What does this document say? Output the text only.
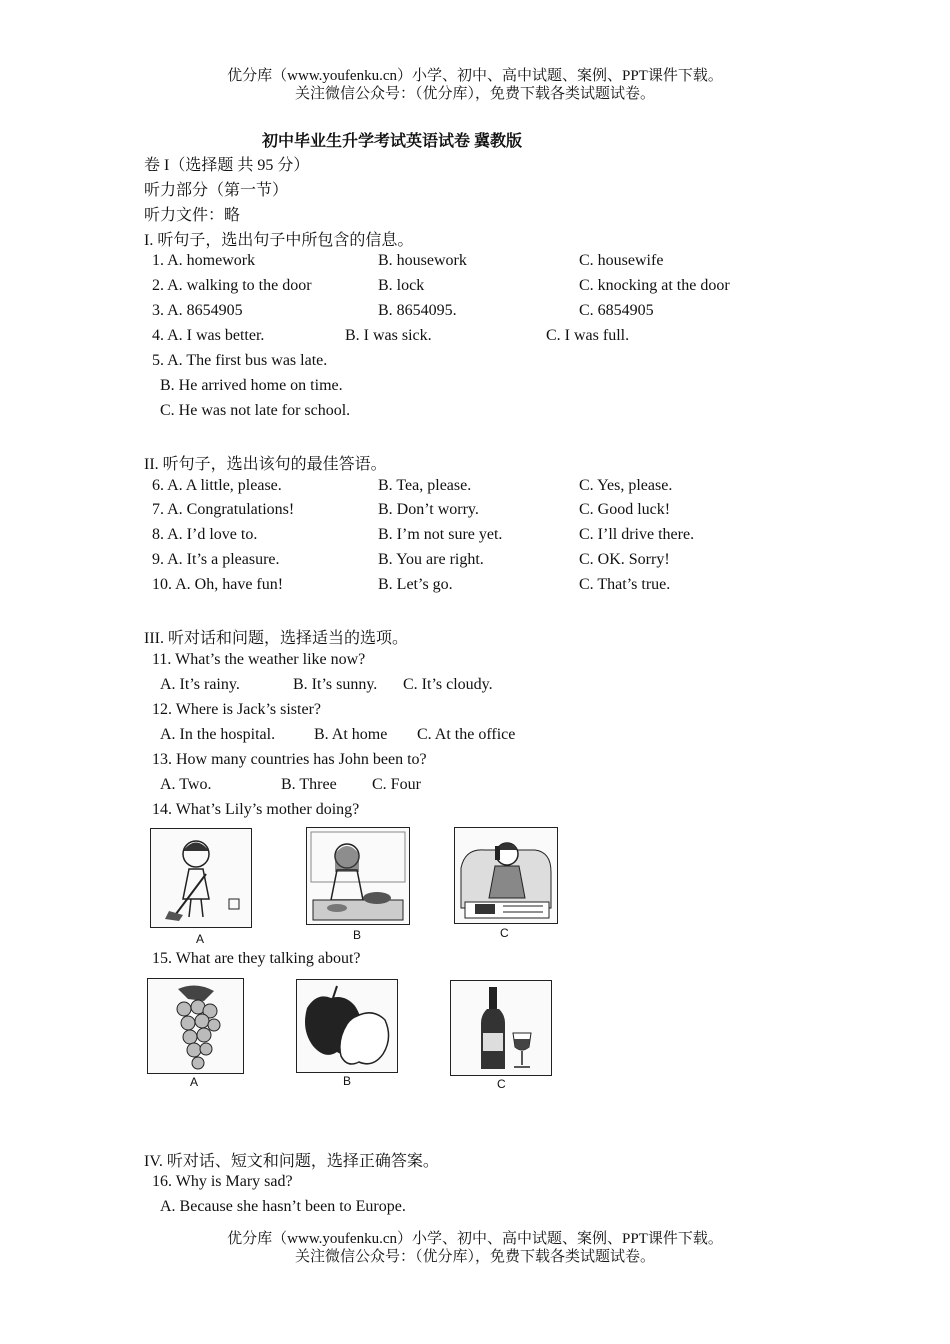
优分库（www.youfenku.cn）小学、初中、高中试题、案例、PPT课件下载。
关注微信公众号：（优分库），免费下载各类试题试卷。
初中毕业生升学考试英语试卷 冀教版
卷 I（选择题 共 95 分）
听力部分（第一节）
听力文件：略
I. 听句子，选出句子中所包含的信息。
1. A. homework	B. housework	C. housewife
2. A. walking to the door	B. lock	C. knocking at the door
3. A. 8654905	B. 8654095.	C. 6854905
4. A. I was better.	B. I was sick.	C. I was full.
5. A. The first bus was late.
B. He arrived home on time.
C. He was not late for school.
II. 听句子，选出该句的最佳答语。
6. A. A little, please.	B. Tea, please.	C. Yes, please.
7. A. Congratulations!	B. Don’t worry.	C. Good luck!
8. A. I’d love to.	B. I’m not sure yet.	C. I’ll drive there.
9. A. It’s a pleasure.	B. You are right.	C. OK. Sorry!
10. A. Oh, have fun!	B. Let’s go.	C. That’s true.
III. 听对话和问题，选择适当的选项。
11. What’s the weather like now?
A. It’s rainy.	B. It’s sunny. C. It’s cloudy.
12. Where is Jack’s sister?
A. In the hospital. B. At home C. At the office
13. How many countries has John been to?
A. Two.	B. Three C. Four
14. What’s Lily’s mother doing?
A	B	C
15. What are they talking about?
A	B	C
IV. 听对话、短文和问题，选择正确答案。
16. Why is Mary sad?
A. Because she hasn’t been to Europe.
优分库（www.youfenku.cn）小学、初中、高中试题、案例、PPT课件下载。
关注微信公众号：（优分库），免费下载各类试题试卷。
